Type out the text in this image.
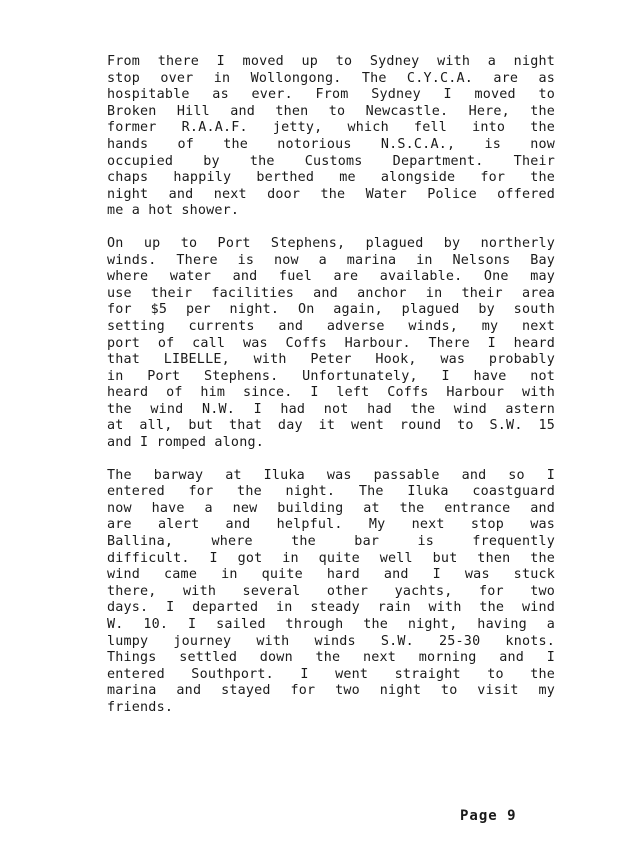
From there I moved up to Sydney with a night
stop over in Wollongong. The C.Y.C.A. are as
hospitable as ever. From Sydney I moved to
Broken Hill and then to Newcastle. Here, the
former R.A.A.F. jetty, which fell into the
hands of the notorious N.S.C.A., is now
occupied by the Customs Department. Their
chaps happily berthed me alongside for the
night and next door the Water Police offered
me a hot shower.
On up to Port Stephens, plagued by northerly
winds. There is now a marina in Nelsons Bay
where water and fuel are available. One may
use their facilities and anchor in their area
for $5 per night. On again, plagued by south
setting currents and adverse winds, my next
port of call was Coffs Harbour. There I heard
that LIBELLE, with Peter Hook, was probably
in Port Stephens. Unfortunately, I have not
heard of him since. I left Coffs Harbour with
the wind N.W. I had not had the wind astern
at all, but that day it went round to S.W. 15
and I romped along.
The barway at Iluka was passable and so I
entered for the night. The Iluka coastguard
now have a new building at the entrance and
are alert and helpful. My next stop was
Ballina, where the bar is frequently
difficult. I got in quite well but then the
wind came in quite hard and I was stuck
there, with several other yachts, for two
days. I departed in steady rain with the wind
W. 10. I sailed through the night, having a
lumpy journey with winds S.W. 25-30 knots.
Things settled down the next morning and I
entered Southport. I went straight to the
marina and stayed for two night to visit my
friends.
Page 9
